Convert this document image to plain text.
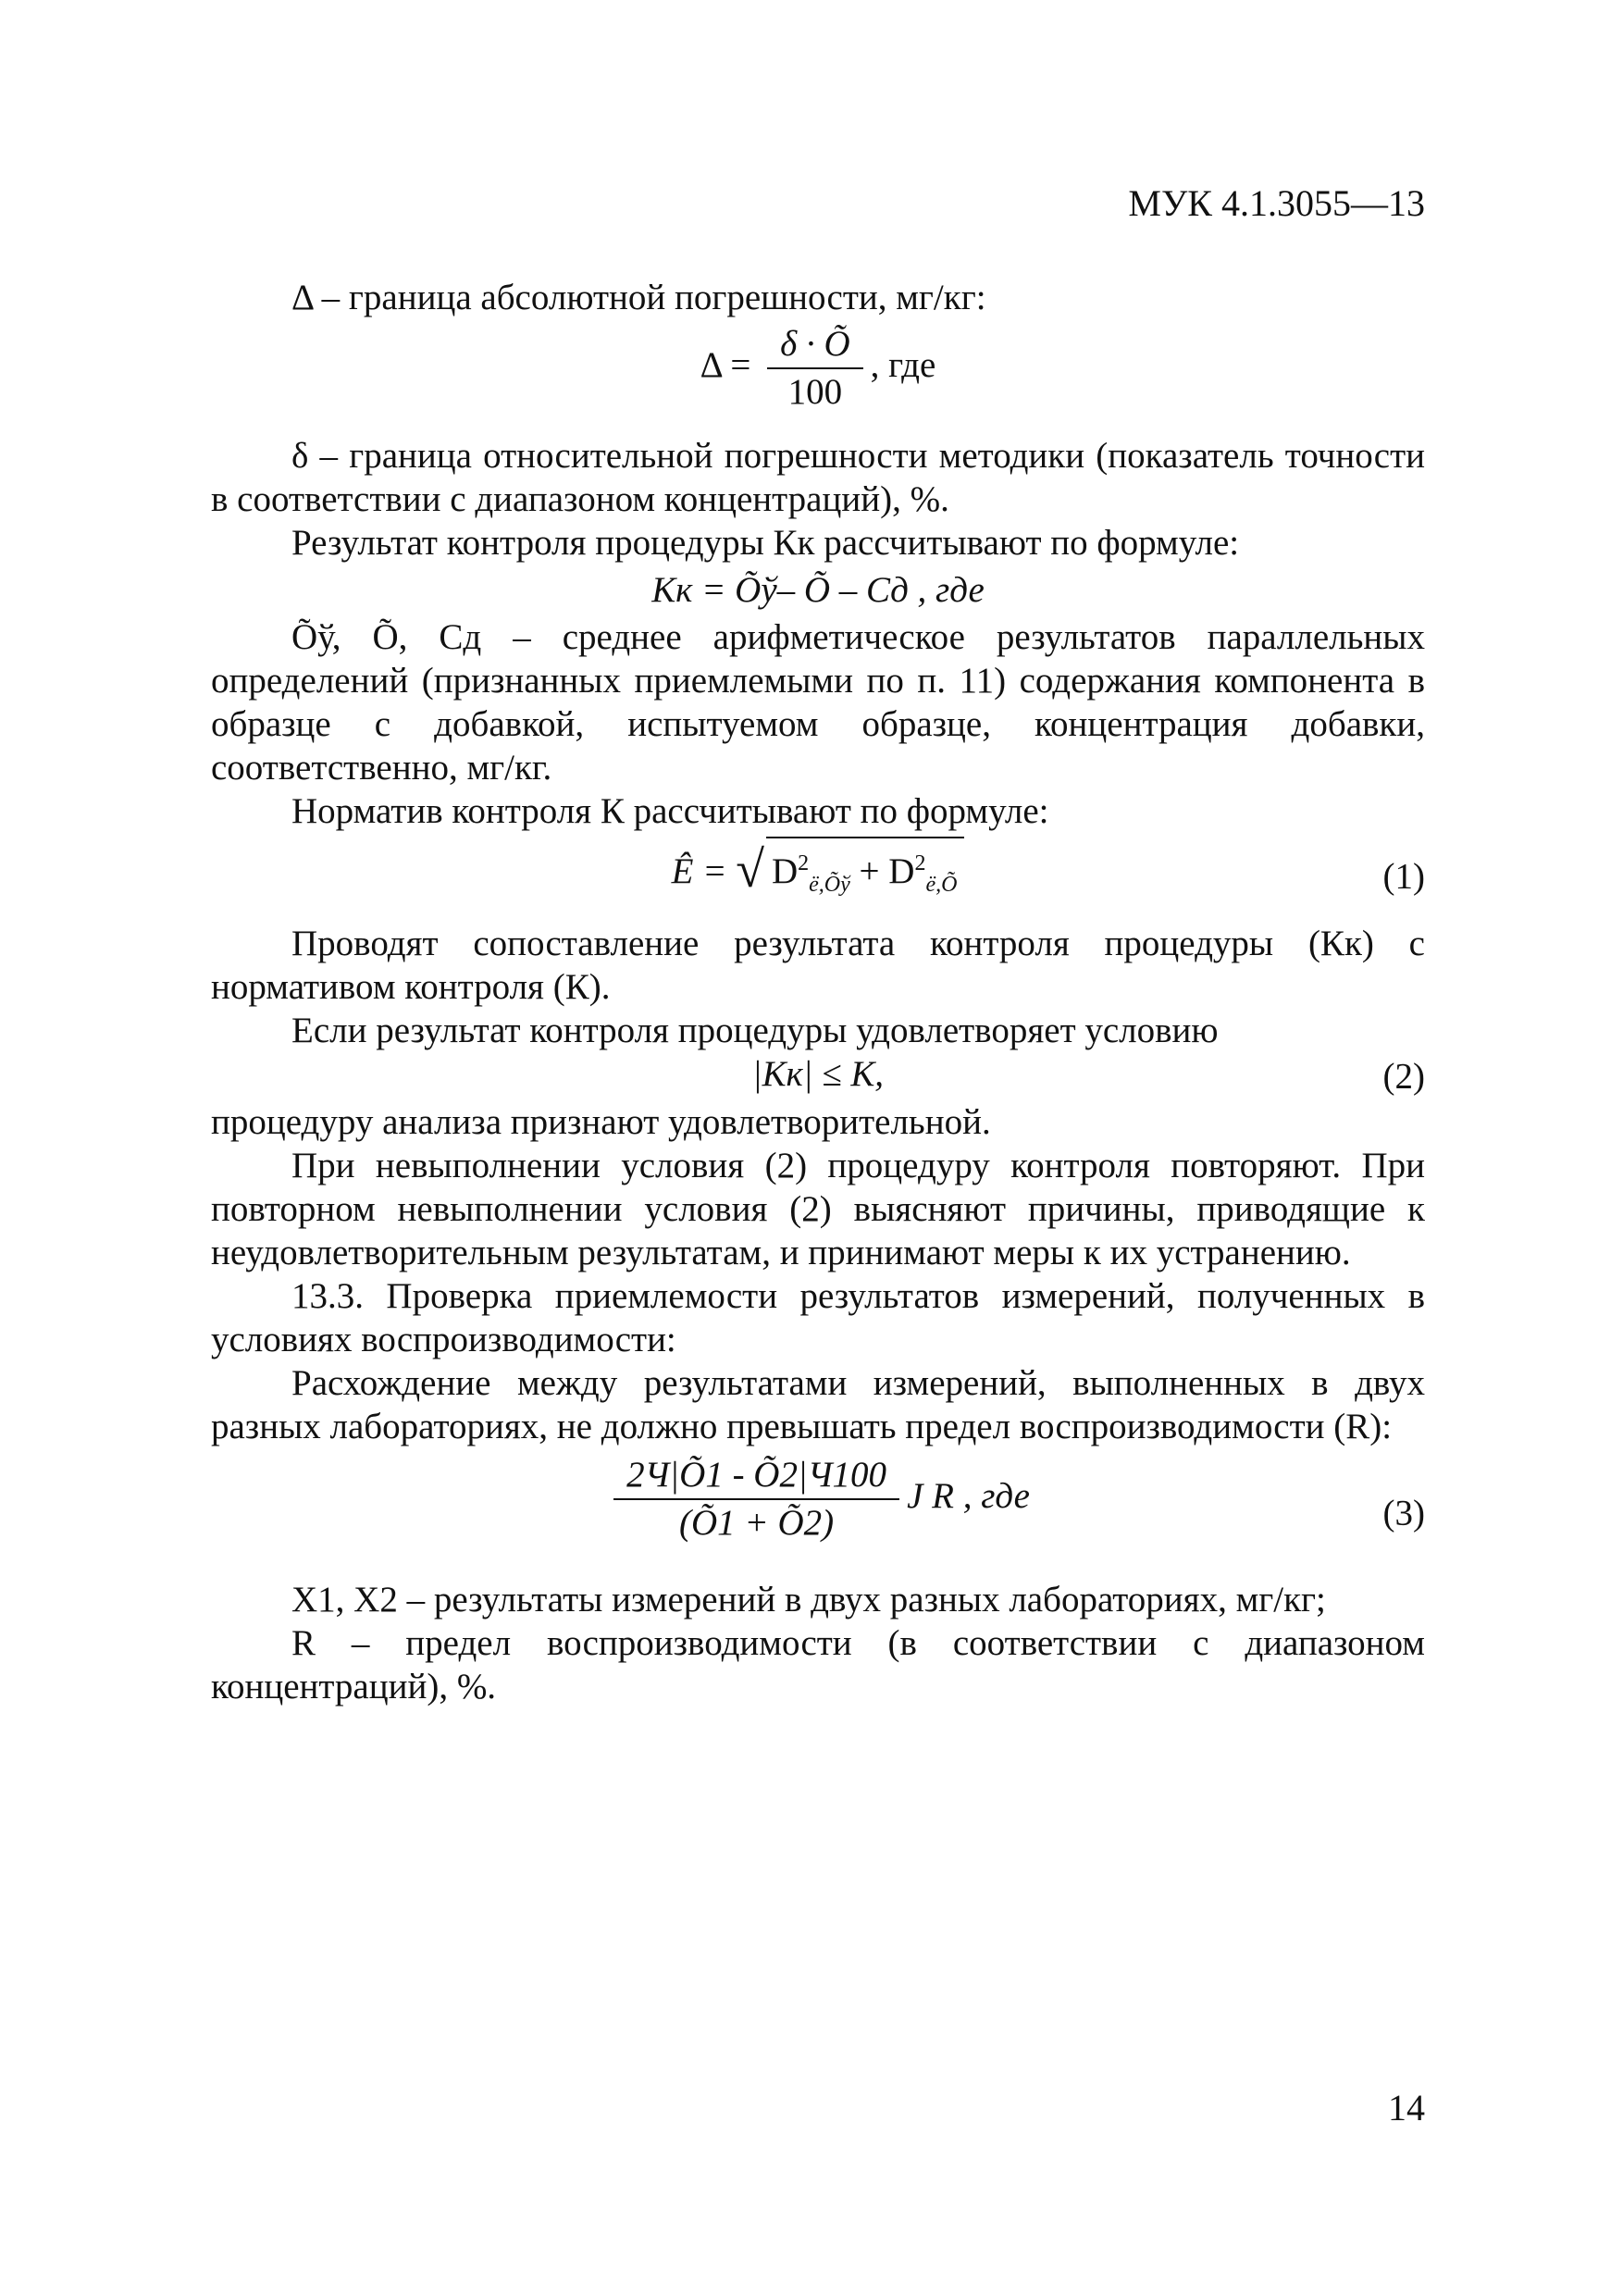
МУК 4.1.3055—13

Δ – граница абсолютной погрешности, мг/кг:

$\Delta = \frac{\delta \cdot Õ}{100}$ , где

δ – граница относительной погрешности методики (показатель точности в соответствии с диапазоном концентраций), %.

Результат контроля процедуры Кк рассчитывают по формуле:

Кк = Õў– Õ – Сд , где

Õў, Õ, Сд – среднее арифметическое результатов параллельных определений (признанных приемлемыми по п. 11) содержания компонента в образце с добавкой, испытуемом образце, концентрация добавки, соответственно, мг/кг.

Норматив контроля К рассчитывают по формуле:

Ê = √ $D^2_{ë,Õў} + D^2_{ë,Õ}$	(1)

Проводят сопоставление результата контроля процедуры (Кк) с нормативом контроля (К).

Если результат контроля процедуры удовлетворяет условию

|Кк| ≤ К,	(2)

процедуру анализа признают удовлетворительной.

При невыполнении условия (2) процедуру контроля повторяют. При повторном невыполнении условия (2) выясняют причины, приводящие к неудовлетворительным результатам, и принимают меры к их устранению.

13.3. Проверка приемлемости результатов измерений, полученных в условиях воспроизводимости:

Расхождение между результатами измерений, выполненных в двух разных лабораториях, не должно превышать предел воспроизводимости (R):

$\frac{2Ч|Õ1 - Õ2|Ч100}{(Õ1 + Õ2)}$ J R , где	(3)

X1, X2 – результаты измерений в двух разных лабораториях, мг/кг;

R – предел воспроизводимости (в соответствии с диапазоном концентраций), %.

14
